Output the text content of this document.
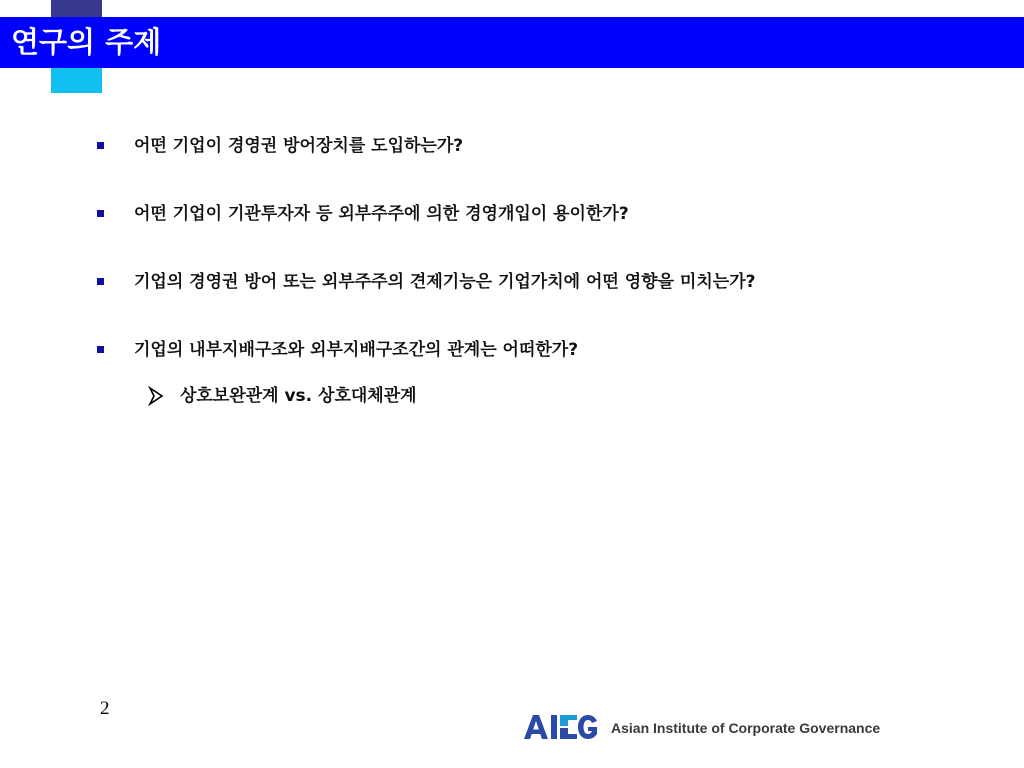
연구의 주제
어떤 기업이 경영권 방어장치를 도입하는가?
어떤 기업이 기관투자자 등 외부주주에 의한 경영개입이 용이한가?
기업의 경영권 방어 또는 외부주주의 견제기능은 기업가치에 어떤 영향을 미치는가?
기업의 내부지배구조와 외부지배구조간의 관계는 어떠한가?
상호보완관계 vs. 상호대체관계
2
Asian Institute of Corporate Governance
